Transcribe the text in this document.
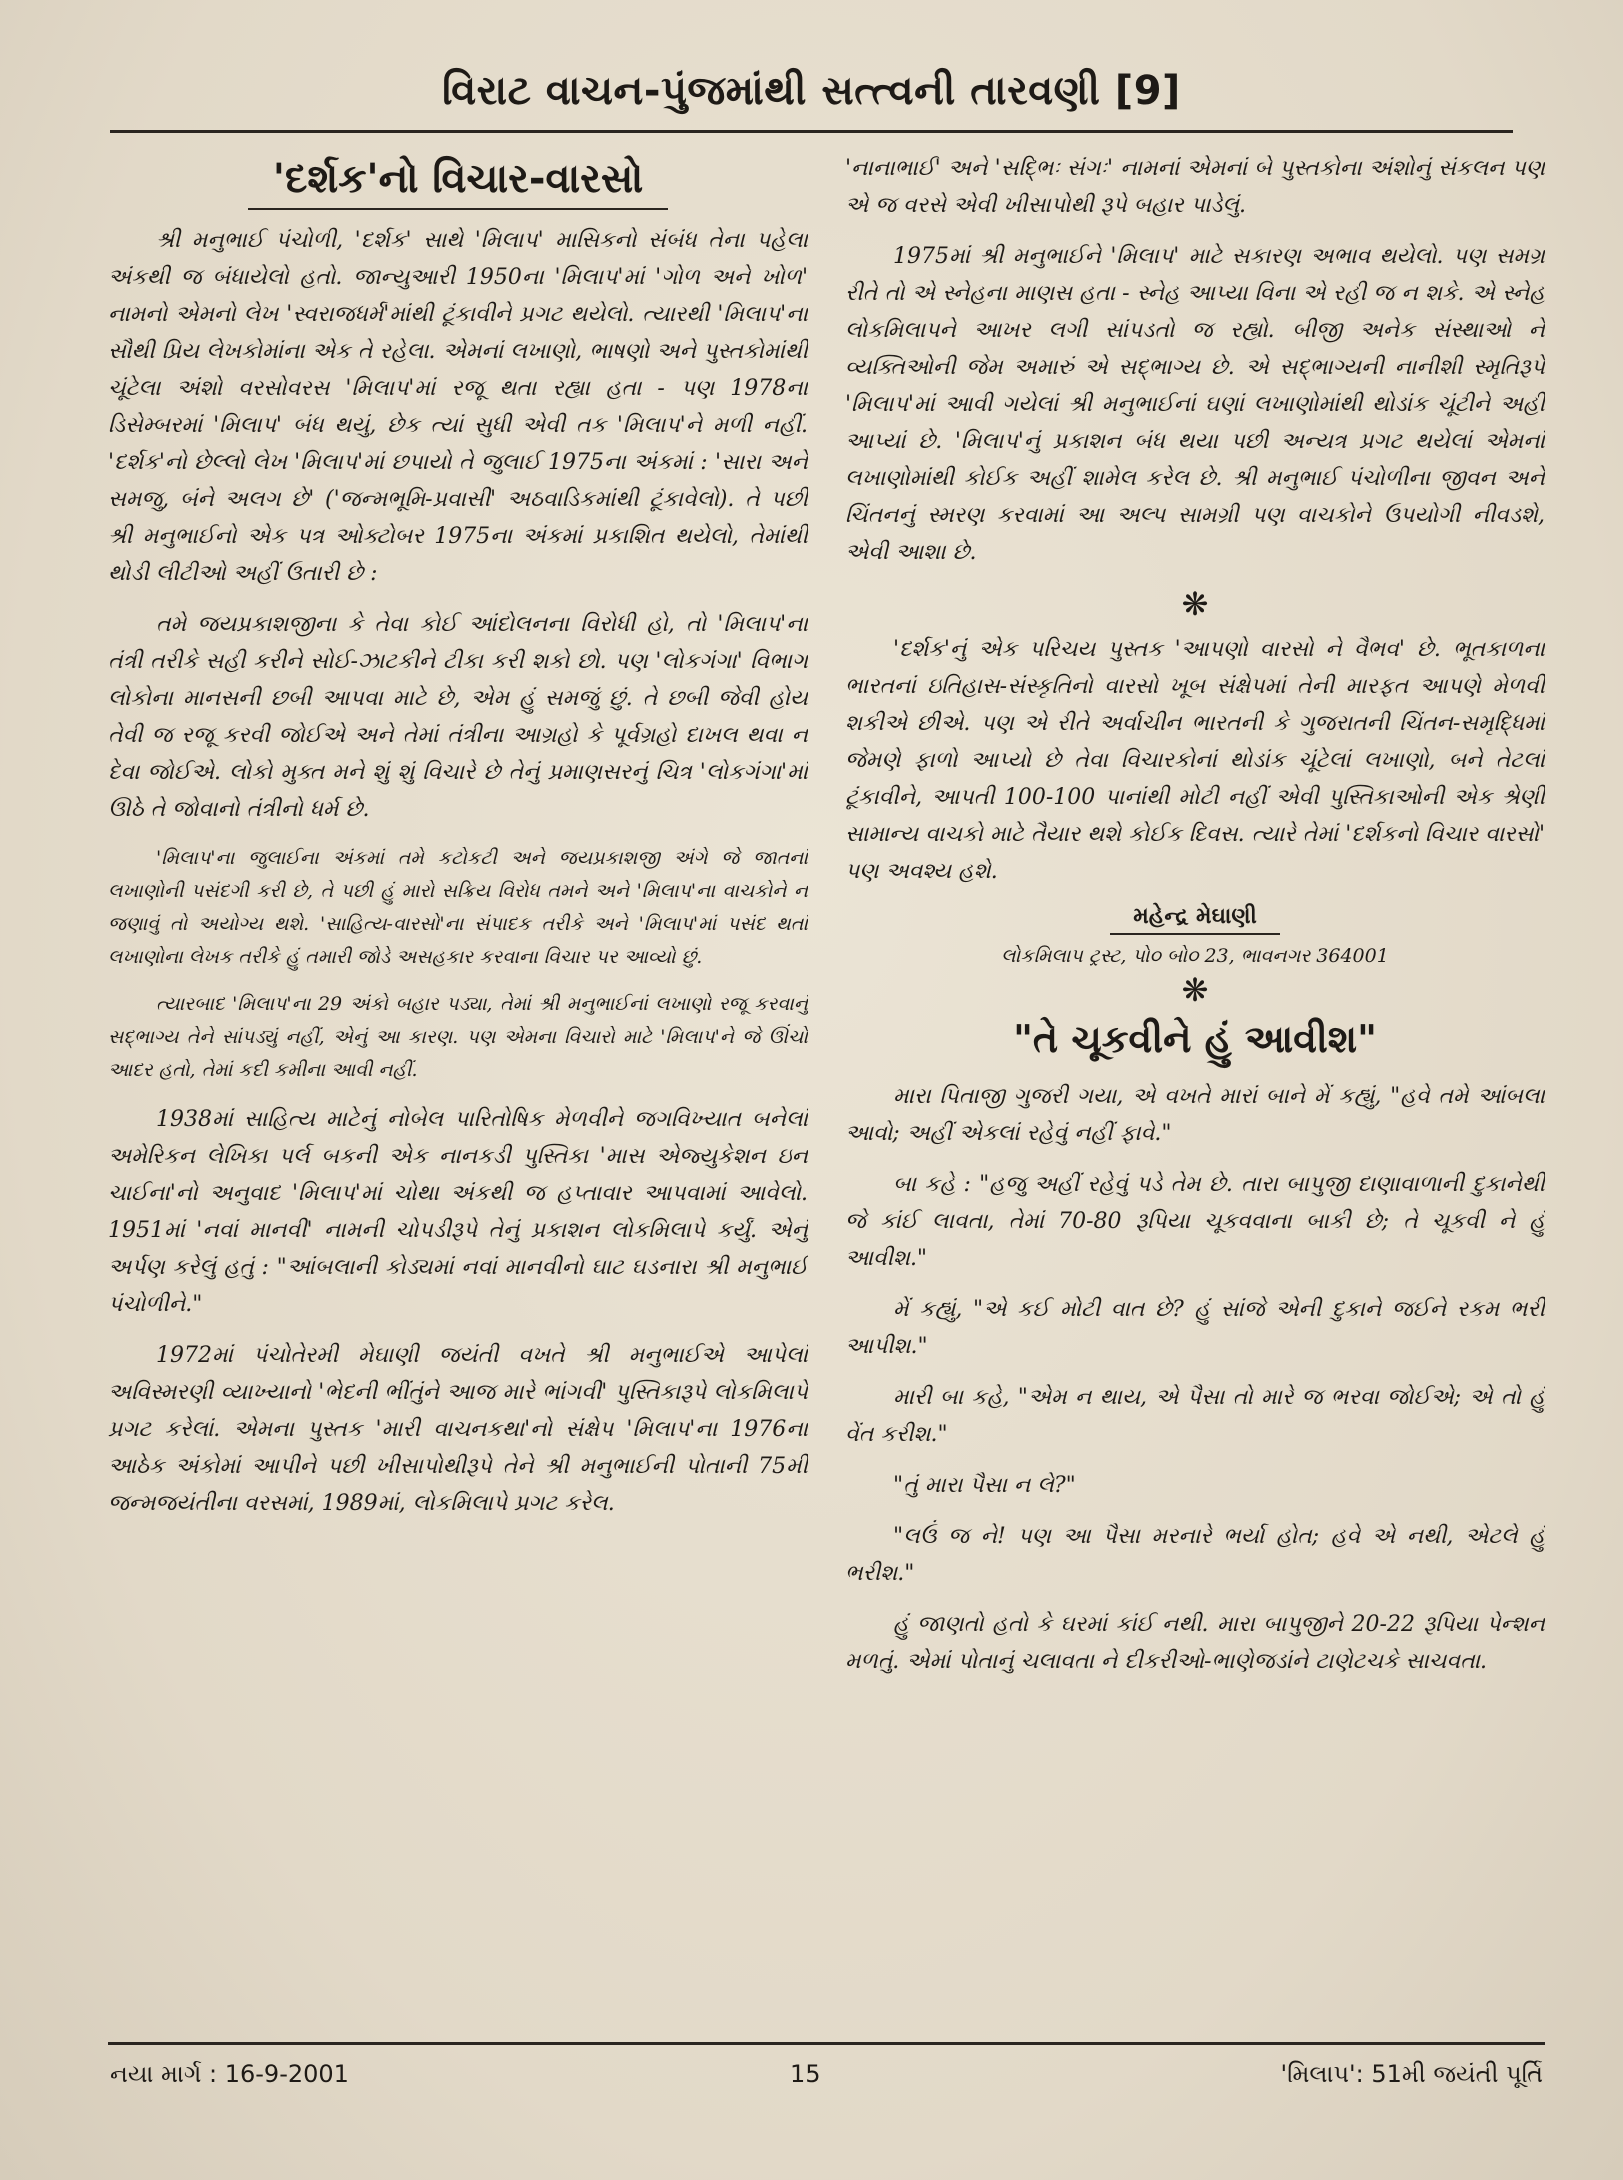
વિરાટ વાચન-પુંજમાંથી સત્ત્વની તારવણી [9]
'દર્શક'નો વિચાર-વારસો

શ્રી મનુભાઈ પંચોળી, 'દર્શક' સાથે 'મિલાપ' માસિકનો સંબંધ તેના પહેલા અંકથી જ બંધાયેલો હતો. જાન્યુઆરી 1950ના 'મિલાપ'માં 'ગોળ અને ખોળ' નામનો એમનો લેખ 'સ્વરાજધર્મ'માંથી ટૂંકાવીને પ્રગટ થયેલો. ત્યારથી 'મિલાપ'ના સૌથી પ્રિય લેખકોમાંના એક તે રહેલા. એમનાં લખાણો, ભાષણો અને પુસ્તકોમાંથી ચૂંટેલા અંશો વરસોવરસ 'મિલાપ'માં રજૂ થતા રહ્યા હતા - પણ 1978ના ડિસેમ્બરમાં 'મિલાપ' બંધ થયું, છેક ત્યાં સુધી એવી તક 'મિલાપ'ને મળી નહીં. 'દર્શક'નો છેલ્લો લેખ 'મિલાપ'માં છપાયો તે જુલાઈ 1975ના અંકમાં : 'સારા અને સમજુ, બંને અલગ છે' ('જન્મભૂમિ-પ્રવાસી' અઠવાડિકમાંથી ટૂંકાવેલો). તે પછી શ્રી મનુભાઈનો એક પત્ર ઓક્ટોબર 1975ના અંકમાં પ્રકાશિત થયેલો, તેમાંથી થોડી લીટીઓ અહીં ઉતારી છે :

તમે જયપ્રકાશજીના કે તેવા કોઈ આંદોલનના વિરોધી હો, તો 'મિલાપ'ના તંત્રી તરીકે સહી કરીને સોઈ-ઝાટકીને ટીકા કરી શકો છો. પણ 'લોકગંગા' વિભાગ લોકોના માનસની છબી આપવા માટે છે, એમ હું સમજું છું. તે છબી જેવી હોય તેવી જ રજૂ કરવી જોઈએ અને તેમાં તંત્રીના આગ્રહો કે પૂર્વગ્રહો દાખલ થવા ન દેવા જોઈએ. લોકો મુક્ત મને શું શું વિચારે છે તેનું પ્રમાણસરનું ચિત્ર 'લોકગંગા'માં ઊઠે તે જોવાનો તંત્રીનો ધર્મ છે.

'મિલાપ'ના જુલાઈના અંકમાં તમે કટોકટી અને જયપ્રકાશજી અંગે જે જાતનાં લખાણોની પસંદગી કરી છે, તે પછી હું મારો સક્રિય વિરોધ તમને અને 'મિલાપ'ના વાચકોને ન જણાવું તો અયોગ્ય થશે. 'સાહિત્ય-વારસો'ના સંપાદક તરીકે અને 'મિલાપ'માં પસંદ થતાં લખાણોના લેખક તરીકે હું તમારી જોડે અસહકાર કરવાના વિચાર પર આવ્યો છું.

ત્યારબાદ 'મિલાપ'ના 29 અંકો બહાર પડ્યા, તેમાં શ્રી મનુભાઈનાં લખાણો રજૂ કરવાનું સદ્ભાગ્ય તેને સાંપડ્યું નહીં, એનું આ કારણ. પણ એમના વિચારો માટે 'મિલાપ'ને જે ઊંચો આદર હતો, તેમાં કદી કમીના આવી નહીં.

1938માં સાહિત્ય માટેનું નોબેલ પારિતોષિક મેળવીને જગવિખ્યાત બનેલાં અમેરિકન લેખિકા પર્લ બકની એક નાનકડી પુસ્તિકા 'માસ એજ્યુકેશન ઇન ચાઈના'નો અનુવાદ 'મિલાપ'માં ચોથા અંકથી જ હપ્તાવાર આપવામાં આવેલો. 1951માં 'નવાં માનવી' નામની ચોપડીરૂપે તેનું પ્રકાશન લોકમિલાપે કર્યું. એનું અર્પણ કરેલું હતું : "આંબલાની કોડ્યમાં નવાં માનવીનો ઘાટ ઘડનારા શ્રી મનુભાઈ પંચોળીને."

1972માં પંચોતેરમી મેઘાણી જયંતી વખતે શ્રી મનુભાઈએ આપેલાં અવિસ્મરણી વ્યાખ્યાનો 'ભેદની ભીંતુંને આજ મારે ભાંગવી' પુસ્તિકારૂપે લોકમિલાપે પ્રગટ કરેલાં. એમના પુસ્તક 'મારી વાચનકથા'નો સંક્ષેપ 'મિલાપ'ના 1976ના આઠેક અંકોમાં આપીને પછી ખીસાપોથીરૂપે તેને શ્રી મનુભાઈની પોતાની 75મી જન્મજયંતીના વરસમાં, 1989માં, લોકમિલાપે પ્રગટ કરેલ.

'નાનાભાઈ' અને 'સદ્ભિઃ સંગઃ' નામનાં એમનાં બે પુસ્તકોના અંશોનું સંકલન પણ એ જ વરસે એવી ખીસાપોથી રૂપે બહાર પાડેલું.

1975માં શ્રી મનુભાઈને 'મિલાપ' માટે સકારણ અભાવ થયેલો. પણ સમગ્ર રીતે તો એ સ્નેહના માણસ હતા - સ્નેહ આપ્યા વિના એ રહી જ ન શકે. એ સ્નેહ લોકમિલાપને આખર લગી સાંપડતો જ રહ્યો. બીજી અનેક સંસ્થાઓ ને વ્યક્તિઓની જેમ અમારું એ સદ્ભાગ્ય છે. એ સદ્ભાગ્યની નાનીશી સ્મૃતિરૂપે 'મિલાપ'માં આવી ગયેલાં શ્રી મનુભાઈનાં ઘણાં લખાણોમાંથી થોડાંક ચૂંટીને અહીં આપ્યાં છે. 'મિલાપ'નું પ્રકાશન બંધ થયા પછી અન્યત્ર પ્રગટ થયેલાં એમનાં લખાણોમાંથી કોઈક અહીં શામેલ કરેલ છે. શ્રી મનુભાઈ પંચોળીના જીવન અને ચિંતનનું સ્મરણ કરવામાં આ અલ્પ સામગ્રી પણ વાચકોને ઉપયોગી નીવડશે, એવી આશા છે.

❋

'દર્શક'નું એક પરિચય પુસ્તક 'આપણો વારસો ને વૈભવ' છે. ભૂતકાળના ભારતનાં ઇતિહાસ-સંસ્કૃતિનો વારસો ખૂબ સંક્ષેપમાં તેની મારફત આપણે મેળવી શકીએ છીએ. પણ એ રીતે અર્વાચીન ભારતની કે ગુજરાતની ચિંતન-સમૃદ્ધિમાં જેમણે ફાળો આપ્યો છે તેવા વિચારકોનાં થોડાંક ચૂંટેલાં લખાણો, બને તેટલાં ટૂંકાવીને, આપતી 100-100 પાનાંથી મોટી નહીં એવી પુસ્તિકાઓની એક શ્રેણી સામાન્ય વાચકો માટે તૈયાર થશે કોઈક દિવસ. ત્યારે તેમાં 'દર્શકનો વિચાર વારસો' પણ અવશ્ય હશે.

મહેન્દ્ર મેઘાણી
લોકમિલાપ ટ્રસ્ટ, પો૦ બો૦ 23, ભાવનગર 364001
❋
"તે ચૂકવીને હું આવીશ"

મારા પિતાજી ગુજરી ગયા, એ વખતે મારાં બાને મેં કહ્યું, "હવે તમે આંબલા આવો; અહીં એકલાં રહેવું નહીં ફાવે."

બા કહે : "હજુ અહીં રહેવું પડે તેમ છે. તારા બાપુજી દાણાવાળાની દુકાનેથી જે કાંઈ લાવતા, તેમાં 70-80 રૂપિયા ચૂકવવાના બાકી છે; તે ચૂકવી ને હું આવીશ."

મેં કહ્યું, "એ કઈ મોટી વાત છે? હું સાંજે એની દુકાને જઈને રકમ ભરી આપીશ."

મારી બા કહે, "એમ ન થાય, એ પૈસા તો મારે જ ભરવા જોઈએ; એ તો હું વેંત કરીશ."

"તું મારા પૈસા ન લે?"

"લઉં જ ને! પણ આ પૈસા મરનારે ભર્યા હોત; હવે એ નથી, એટલે હું ભરીશ."

હું જાણતો હતો કે ઘરમાં કાંઈ નથી. મારા બાપુજીને 20-22 રૂપિયા પેન્શન મળતું. એમાં પોતાનું ચલાવતા ને દીકરીઓ-ભાણેજડાંને ટાણેટચકે સાચવતા.

નયા માર્ગ : 16-9-2001	15	'મિલાપ': 51મી જયંતી પૂર્તિ
